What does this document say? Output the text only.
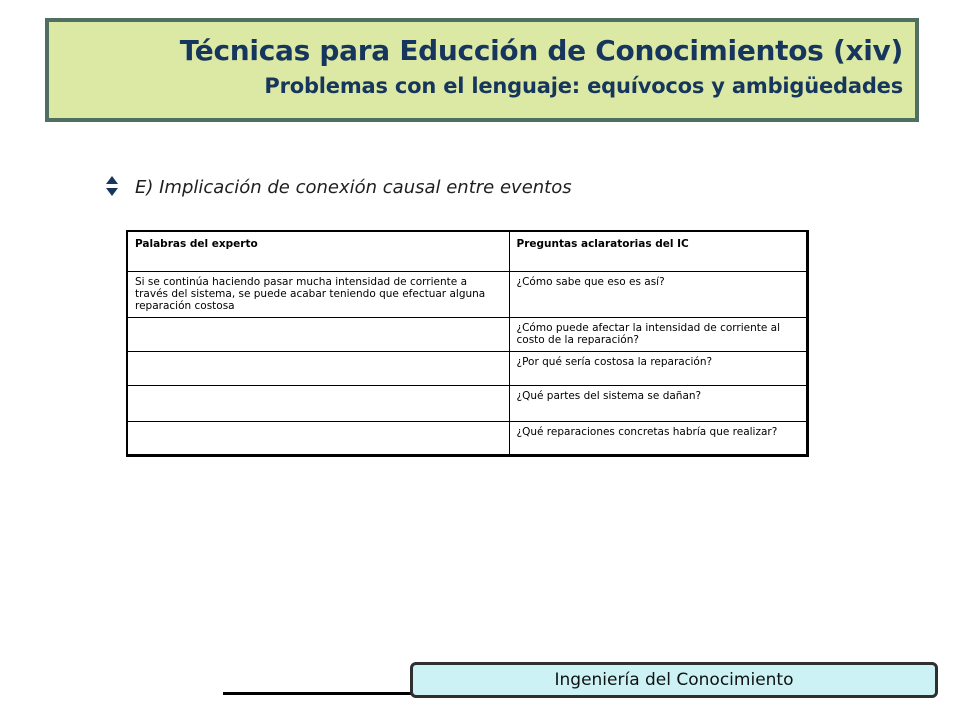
Técnicas para Educción de Conocimientos (xiv)
Problemas con el lenguaje: equívocos y ambigüedades
E) Implicación de conexión causal entre eventos
Palabras del experto	Preguntas aclaratorias del IC
Si se continúa haciendo pasar mucha intensidad de corriente a través del sistema, se puede acabar teniendo que efectuar alguna reparación costosa	¿Cómo sabe que eso es así?
	¿Cómo puede afectar la intensidad de corriente al costo de la reparación?
	¿Por qué sería costosa la reparación?
	¿Qué partes del sistema se dañan?
	¿Qué reparaciones concretas habría que realizar?
Ingeniería del Conocimiento
